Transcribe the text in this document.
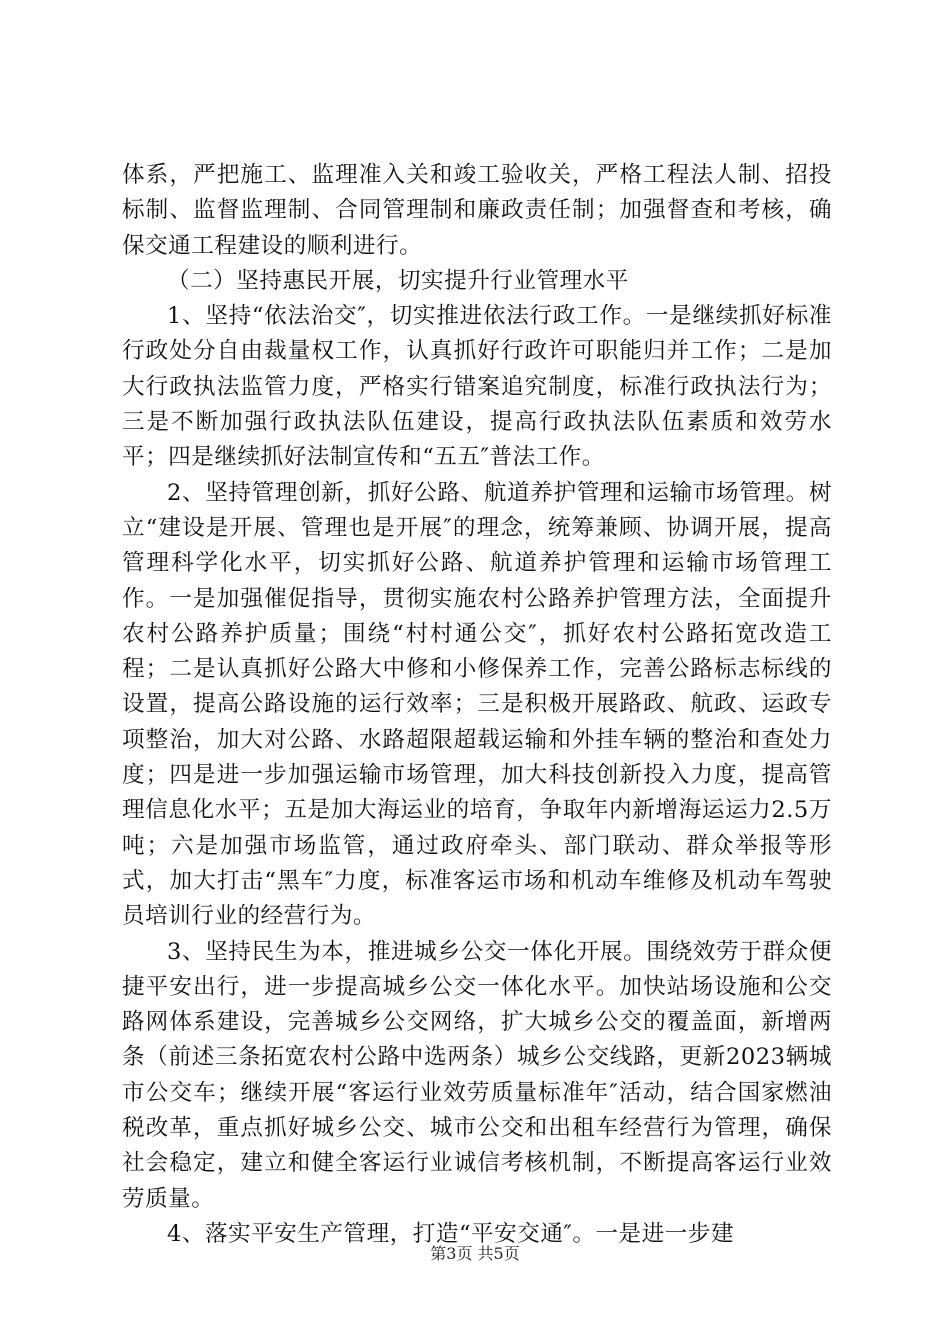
体系，严把施工、监理准入关和竣工验收关，严格工程法人制、招投标制、监督监理制、合同管理制和廉政责任制；加强督查和考核，确保交通工程建设的顺利进行。

（二）坚持惠民开展，切实提升行业管理水平

1、坚持“依法治交″，切实推进依法行政工作。一是继续抓好标准行政处分自由裁量权工作，认真抓好行政许可职能归并工作；二是加大行政执法监管力度，严格实行错案追究制度，标准行政执法行为；三是不断加强行政执法队伍建设，提高行政执法队伍素质和效劳水平；四是继续抓好法制宣传和“五五″普法工作。

2、坚持管理创新，抓好公路、航道养护管理和运输市场管理。树立“建设是开展、管理也是开展″的理念，统筹兼顾、协调开展，提高管理科学化水平，切实抓好公路、航道养护管理和运输市场管理工作。一是加强催促指导，贯彻实施农村公路养护管理方法，全面提升农村公路养护质量；围绕“村村通公交″，抓好农村公路拓宽改造工程；二是认真抓好公路大中修和小修保养工作，完善公路标志标线的设置，提高公路设施的运行效率；三是积极开展路政、航政、运政专项整治，加大对公路、水路超限超载运输和外挂车辆的整治和查处力度；四是进一步加强运输市场管理，加大科技创新投入力度，提高管理信息化水平；五是加大海运业的培育，争取年内新增海运运力2.5万吨；六是加强市场监管，通过政府牵头、部门联动、群众举报等形式，加大打击“黑车″力度，标准客运市场和机动车维修及机动车驾驶员培训行业的经营行为。

3、坚持民生为本，推进城乡公交一体化开展。围绕效劳于群众便捷平安出行，进一步提高城乡公交一体化水平。加快站场设施和公交路网体系建设，完善城乡公交网络，扩大城乡公交的覆盖面，新增两条（前述三条拓宽农村公路中选两条）城乡公交线路，更新2023辆城市公交车；继续开展“客运行业效劳质量标准年″活动，结合国家燃油税改革，重点抓好城乡公交、城市公交和出租车经营行为管理，确保社会稳定，建立和健全客运行业诚信考核机制，不断提高客运行业效劳质量。

4、落实平安生产管理，打造“平安交通″。一是进一步建

第3页 共5页
